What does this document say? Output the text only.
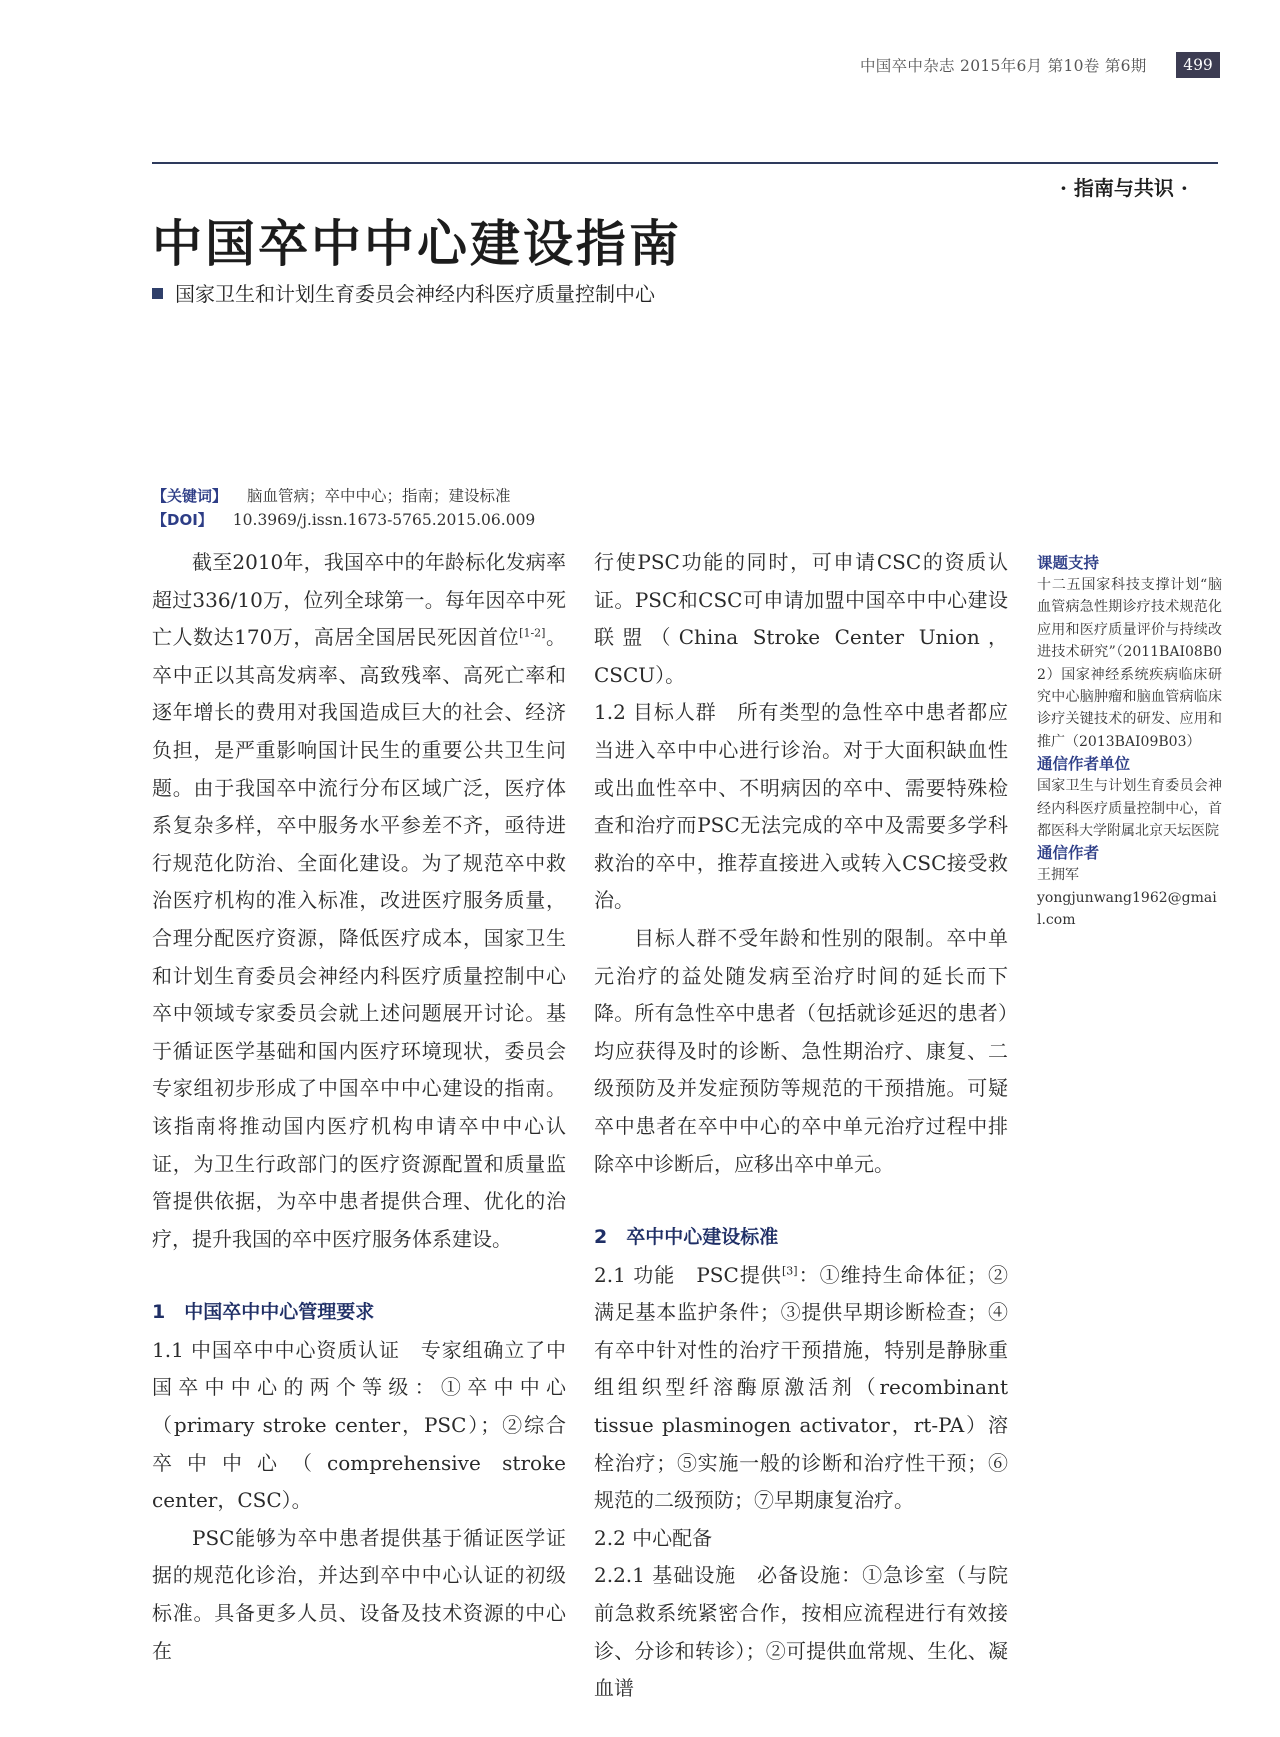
中国卒中杂志 2015年6月 第10卷 第6期	499
· 指南与共识 ·
中国卒中中心建设指南
国家卫生和计划生育委员会神经内科医疗质量控制中心
【关键词】 脑血管病；卒中中心；指南；建设标准
【DOI】 10.3969/j.issn.1673-5765.2015.06.009

截至2010年，我国卒中的年龄标化发病率超过336/10万，位列全球第一。每年因卒中死亡人数达170万，高居全国居民死因首位[1-2]。卒中正以其高发病率、高致残率、高死亡率和逐年增长的费用对我国造成巨大的社会、经济负担，是严重影响国计民生的重要公共卫生问题。由于我国卒中流行分布区域广泛，医疗体系复杂多样，卒中服务水平参差不齐，亟待进行规范化防治、全面化建设。为了规范卒中救治医疗机构的准入标准，改进医疗服务质量，合理分配医疗资源，降低医疗成本，国家卫生和计划生育委员会神经内科医疗质量控制中心卒中领域专家委员会就上述问题展开讨论。基于循证医学基础和国内医疗环境现状，委员会专家组初步形成了中国卒中中心建设的指南。该指南将推动国内医疗机构申请卒中中心认证，为卫生行政部门的医疗资源配置和质量监管提供依据，为卒中患者提供合理、优化的治疗，提升我国的卒中医疗服务体系建设。

1　中国卒中中心管理要求

1.1 中国卒中中心资质认证　专家组确立了中国卒中中心的两个等级：①卒中中心（primary stroke center，PSC）；②综合卒中中心（comprehensive stroke center，CSC）。

PSC能够为卒中患者提供基于循证医学证据的规范化诊治，并达到卒中中心认证的初级标准。具备更多人员、设备及技术资源的中心在

行使PSC功能的同时，可申请CSC的资质认证。PSC和CSC可申请加盟中国卒中中心建设联盟（China Stroke Center Union，CSCU）。

1.2 目标人群　所有类型的急性卒中患者都应当进入卒中中心进行诊治。对于大面积缺血性或出血性卒中、不明病因的卒中、需要特殊检查和治疗而PSC无法完成的卒中及需要多学科救治的卒中，推荐直接进入或转入CSC接受救治。

目标人群不受年龄和性别的限制。卒中单元治疗的益处随发病至治疗时间的延长而下降。所有急性卒中患者（包括就诊延迟的患者）均应获得及时的诊断、急性期治疗、康复、二级预防及并发症预防等规范的干预措施。可疑卒中患者在卒中中心的卒中单元治疗过程中排除卒中诊断后，应移出卒中单元。

2　卒中中心建设标准

2.1 功能　PSC提供[3]：①维持生命体征；②满足基本监护条件；③提供早期诊断检查；④有卒中针对性的治疗干预措施，特别是静脉重组组织型纤溶酶原激活剂（recombinant tissue plasminogen activator，rt-PA）溶栓治疗；⑤实施一般的诊断和治疗性干预；⑥规范的二级预防；⑦早期康复治疗。

2.2 中心配备

2.2.1 基础设施　必备设施：①急诊室（与院前急救系统紧密合作，按相应流程进行有效接诊、分诊和转诊）；②可提供血常规、生化、凝血谱

课题支持

十二五国家科技支撑计划“脑血管病急性期诊疗技术规范化应用和医疗质量评价与持续改进技术研究”（2011BAI08B02）国家神经系统疾病临床研究中心脑肿瘤和脑血管病临床诊疗关键技术的研发、应用和推广（2013BAI09B03）

通信作者单位

国家卫生与计划生育委员会神经内科医疗质量控制中心，首都医科大学附属北京天坛医院

通信作者

王拥军

yongjunwang1962@gmail.com
